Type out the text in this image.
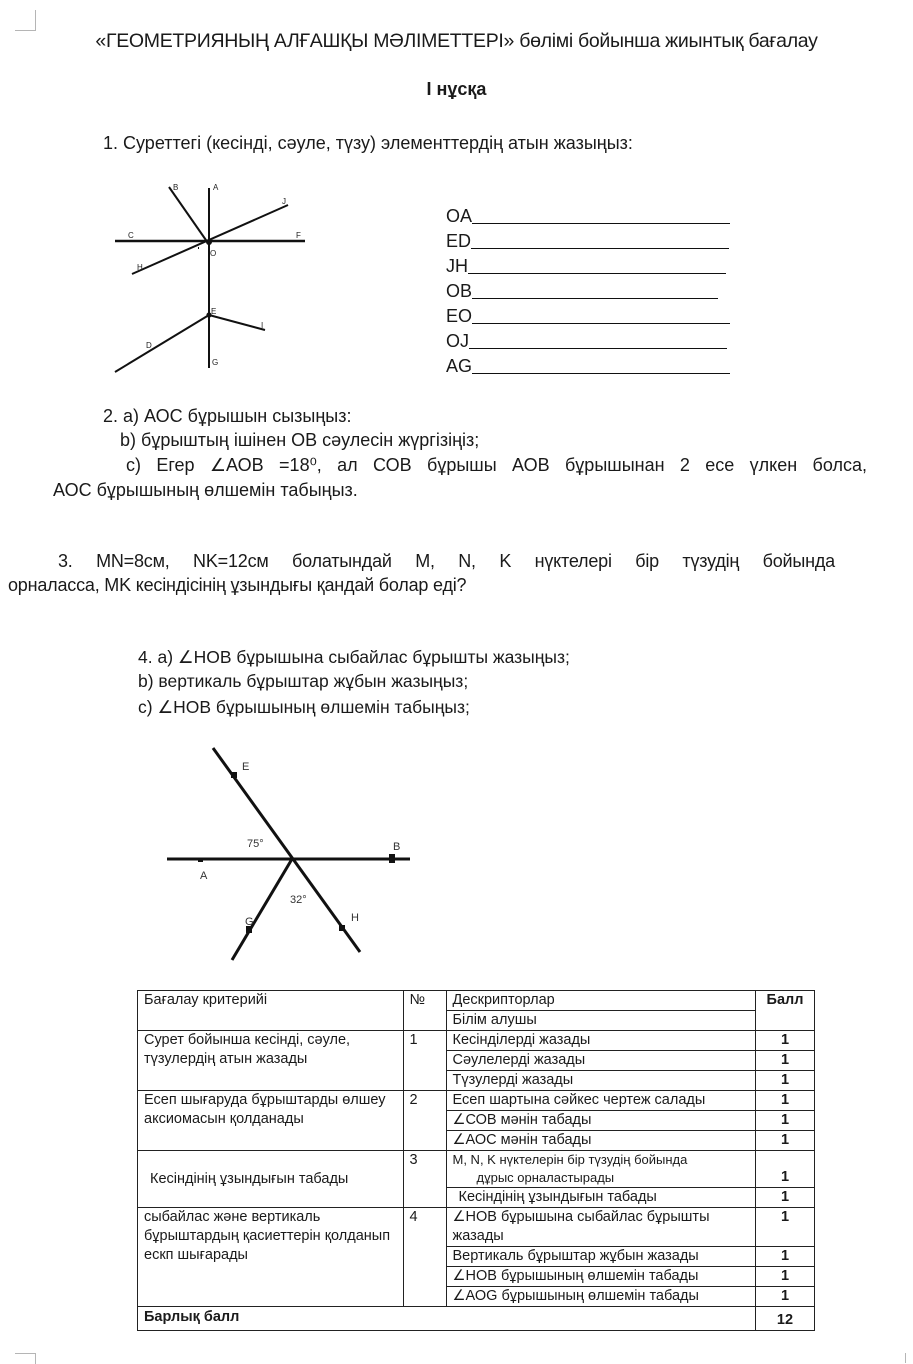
«ГЕОМЕТРИЯНЫҢ АЛҒАШҚЫ МӘЛІМЕТТЕРІ» бөлімі бойынша жиынтық бағалау
І нұсқа
1. Суреттегі (кесінді, сәуле, түзу) элементтердің атын жазыңыз:
B	A
J
C	F
O
H
E
I
D
G
OA
ED
JH
OB
EO
OJ
AG
2. а) АОС бұрышын сызыңыз:
b) бұрыштың ішінен ОВ сәулесін жүргізіңіз;
c) Егер ∠АОВ =18⁰, ал СОВ бұрышы АОВ бұрышынан 2 есе үлкен болса,
АОС бұрышының өлшемін табыңыз.
3. MN=8см, NK=12см болатындай M, N, K нүктелері бір түзудің бойында
орналасса, MK кесіндісінің ұзындығы қандай болар еді?
4. а) ∠НОВ бұрышына сыбайлас бұрышты жазыңыз;
b) вертикаль бұрыштар жұбын жазыңыз;
c) ∠НОВ бұрышының өлшемін табыңыз;
E
B
A
G	H
75°
32°
Бағалау критерийі	№	Дескрипторлар	Балл
		Білім алушы	
Сурет бойынша кесінді, сәуле, түзулердің атын жазады	1	Кесінділерді жазады	1
		Сәулелерді жазады	1
		Түзулерді жазады	1
Есеп шығаруда бұрыштарды өлшеу аксиомасын қолданады	2	Есеп шартына сәйкес чертеж салады	1
		∠СОВ мәнін табады	1
		∠АОС мәнін табады	1
Кесіндінің ұзындығын табады	3	M, N, K нүктелерін бір түзудің бойында
дұрыс орналастырады	1
		Кесіндінің ұзындығын табады	1
сыбайлас және вертикаль бұрыштардың қасиеттерін қолданып ескп шығарады	4	∠НОВ бұрышына сыбайлас бұрышты жазады	1
		Вертикаль бұрыштар жұбын жазады	1
		∠НОВ бұрышының өлшемін табады	1
		∠АОG бұрышының өлшемін табады	1
Барлық балл			12
